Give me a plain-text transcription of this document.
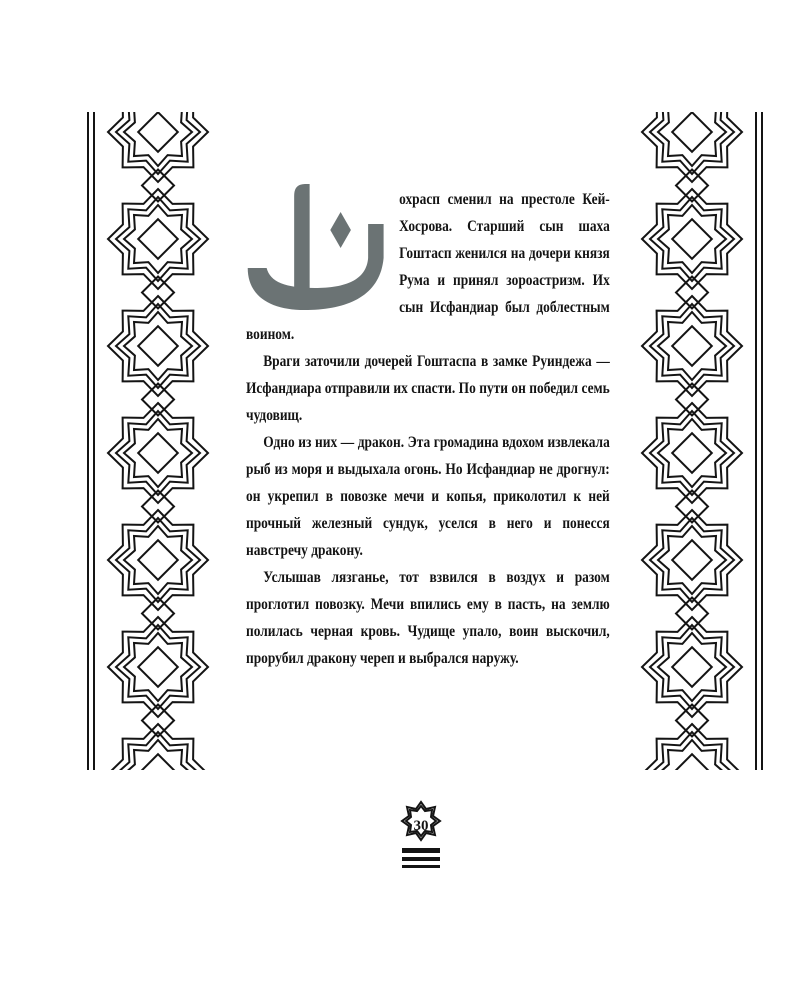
охрасп сменил на престоле Кей-Хосрова. Старший сын шаха Гоштасп женился на дочери князя Рума и принял зороастризм. Их сын Исфандиар был доблестным воином.

Враги заточили дочерей Гоштаспа в замке Руиндежа — Исфандиара отправили их спасти. По пути он победил семь чудовищ.

Одно из них — дракон. Эта громадина вдохом извлекала рыб из моря и выдыхала огонь. Но Исфандиар не дрогнул: он укрепил в повозке мечи и копья, приколотил к ней прочный железный сундук, уселся в него и понесся навстречу дракону.

Услышав лязганье, тот взвился в воздух и разом проглотил повозку. Мечи впились ему в пасть, на землю полилась черная кровь. Чудище упало, воин выскочил, прорубил дракону череп и выбрался наружу.

30
